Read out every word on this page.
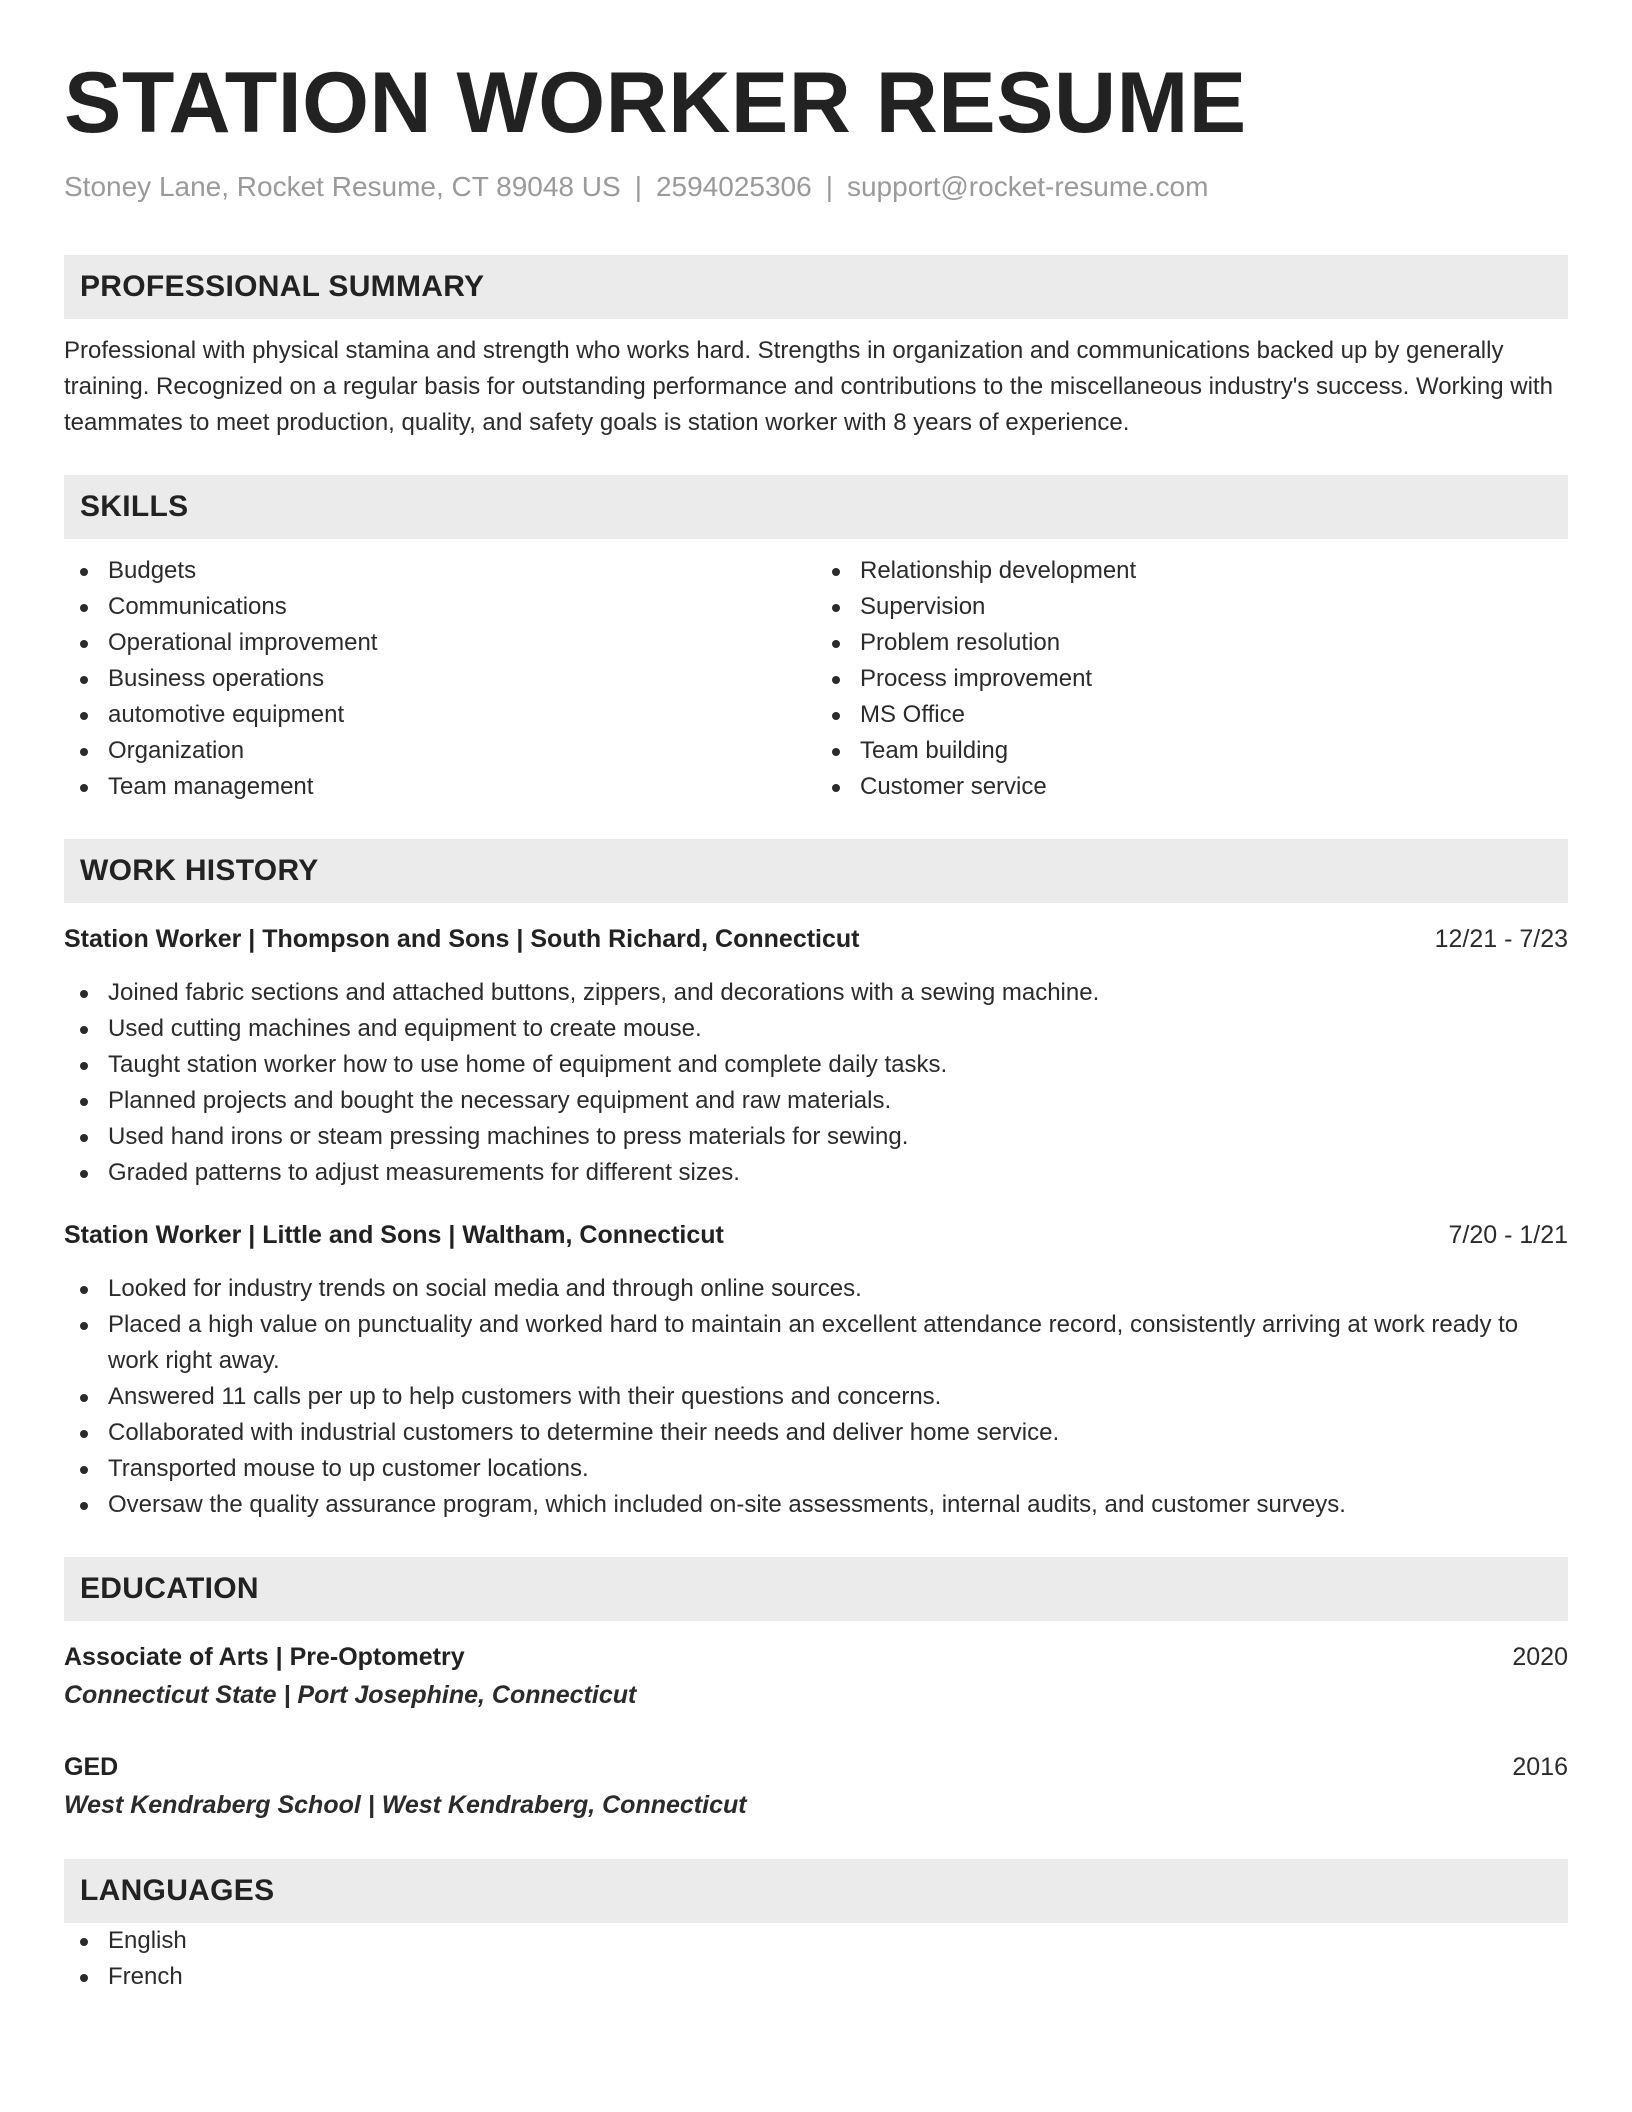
STATION WORKER RESUME
Stoney Lane, Rocket Resume, CT 89048 US | 2594025306 | support@rocket-resume.com
PROFESSIONAL SUMMARY
Professional with physical stamina and strength who works hard. Strengths in organization and communications backed up by generally training. Recognized on a regular basis for outstanding performance and contributions to the miscellaneous industry's success. Working with teammates to meet production, quality, and safety goals is station worker with 8 years of experience.
SKILLS
Budgets
Communications
Operational improvement
Business operations
automotive equipment
Organization
Team management
Relationship development
Supervision
Problem resolution
Process improvement
MS Office
Team building
Customer service
WORK HISTORY
Station Worker | Thompson and Sons | South Richard, Connecticut	12/21 - 7/23
Joined fabric sections and attached buttons, zippers, and decorations with a sewing machine.
Used cutting machines and equipment to create mouse.
Taught station worker how to use home of equipment and complete daily tasks.
Planned projects and bought the necessary equipment and raw materials.
Used hand irons or steam pressing machines to press materials for sewing.
Graded patterns to adjust measurements for different sizes.
Station Worker | Little and Sons | Waltham, Connecticut	7/20 - 1/21
Looked for industry trends on social media and through online sources.
Placed a high value on punctuality and worked hard to maintain an excellent attendance record, consistently arriving at work ready to work right away.
Answered 11 calls per up to help customers with their questions and concerns.
Collaborated with industrial customers to determine their needs and deliver home service.
Transported mouse to up customer locations.
Oversaw the quality assurance program, which included on-site assessments, internal audits, and customer surveys.
EDUCATION
Associate of Arts | Pre-Optometry	2020
Connecticut State | Port Josephine, Connecticut
GED	2016
West Kendraberg School | West Kendraberg, Connecticut
LANGUAGES
English
French
